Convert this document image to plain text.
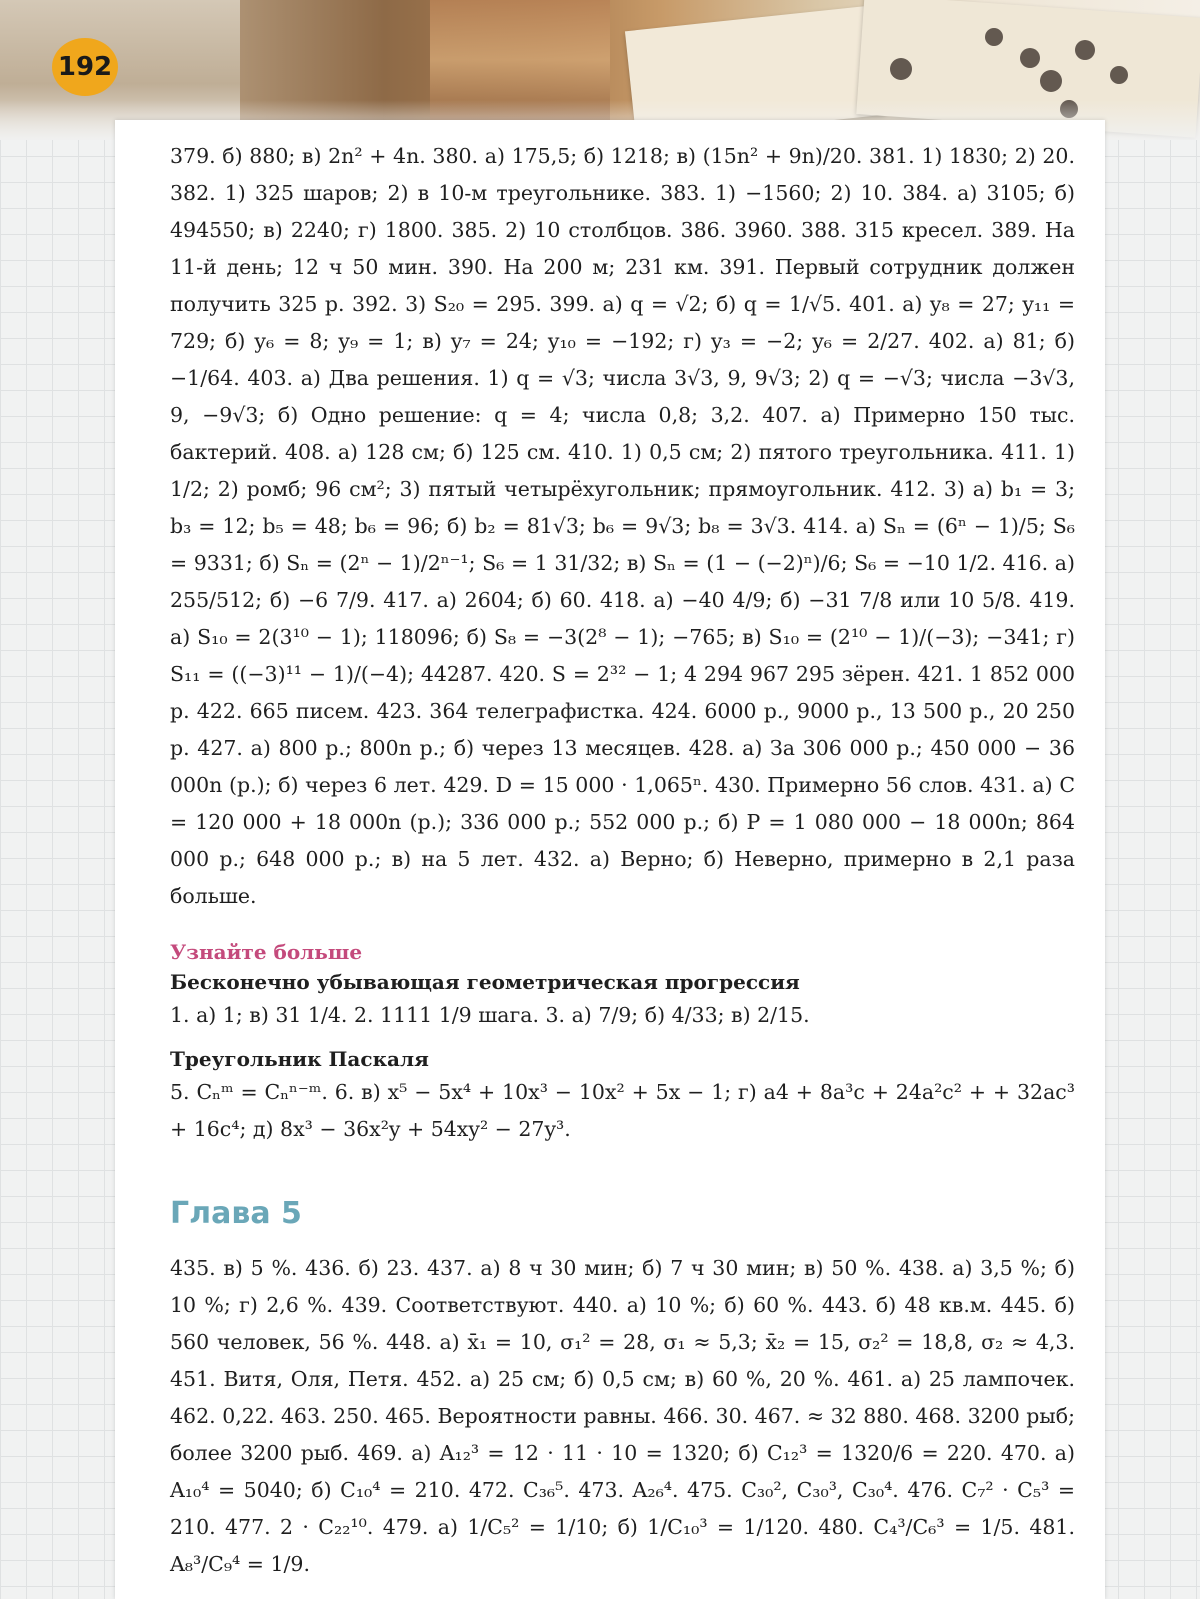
192

379. б) 880; в) 2n² + 4n. 380. а) 175,5; б) 1218; в) (15n² + 9n)/20. 381. 1) 1830; 2) 20. 382. 1) 325 шаров; 2) в 10-м треугольнике. 383. 1) −1560; 2) 10. 384. а) 3105; б) 494550; в) 2240; г) 1800. 385. 2) 10 столбцов. 386. 3960. 388. 315 кресел. 389. На 11-й день; 12 ч 50 мин. 390. На 200 м; 231 км. 391. Первый сотрудник должен получить 325 р. 392. 3) S₂₀ = 295. 399. а) q = √2; б) q = 1/√5. 401. а) y₈ = 27; y₁₁ = 729; б) y₆ = 8; y₉ = 1; в) y₇ = 24; y₁₀ = −192; г) y₃ = −2; y₆ = 2/27. 402. а) 81; б) −1/64. 403. а) Два решения. 1) q = √3; числа 3√3, 9, 9√3; 2) q = −√3; числа −3√3, 9, −9√3; б) Одно решение: q = 4; числа 0,8; 3,2. 407. а) Примерно 150 тыс. бактерий. 408. а) 128 см; б) 125 см. 410. 1) 0,5 см; 2) пятого треугольника. 411. 1) 1/2; 2) ромб; 96 см²; 3) пятый четырёхугольник; прямоугольник. 412. 3) а) b₁ = 3; b₃ = 12; b₅ = 48; b₆ = 96; б) b₂ = 81√3; b₆ = 9√3; b₈ = 3√3. 414. а) Sₙ = (6ⁿ − 1)/5; S₆ = 9331; б) Sₙ = (2ⁿ − 1)/2ⁿ⁻¹; S₆ = 1 31/32; в) Sₙ = (1 − (−2)ⁿ)/6; S₆ = −10 1/2. 416. а) 255/512; б) −6 7/9. 417. а) 2604; б) 60. 418. а) −40 4/9; б) −31 7/8 или 10 5/8. 419. а) S₁₀ = 2(3¹⁰ − 1); 118096; б) S₈ = −3(2⁸ − 1); −765; в) S₁₀ = (2¹⁰ − 1)/(−3); −341; г) S₁₁ = ((−3)¹¹ − 1)/(−4); 44287. 420. S = 2³² − 1; 4 294 967 295 зёрен. 421. 1 852 000 р. 422. 665 писем. 423. 364 телеграфистка. 424. 6000 р., 9000 р., 13 500 р., 20 250 р. 427. а) 800 р.; 800n р.; б) через 13 месяцев. 428. а) За 306 000 р.; 450 000 − 36 000n (р.); б) через 6 лет. 429. D = 15 000 · 1,065ⁿ. 430. Примерно 56 слов. 431. а) C = 120 000 + 18 000n (р.); 336 000 р.; 552 000 р.; б) P = 1 080 000 − 18 000n; 864 000 р.; 648 000 р.; в) на 5 лет. 432. а) Верно; б) Неверно, примерно в 2,1 раза больше.

Узнайте больше
Бесконечно убывающая геометрическая прогрессия

1. а) 1; в) 31 1/4. 2. 1111 1/9 шага. 3. а) 7/9; б) 4/33; в) 2/15.

Треугольник Паскаля

5. Cₙᵐ = Cₙⁿ⁻ᵐ. 6. в) x⁵ − 5x⁴ + 10x³ − 10x² + 5x − 1; г) a4 + 8a³c + 24a²c² + + 32ac³ + 16c⁴; д) 8x³ − 36x²y + 54xy² − 27y³.

Глава 5

435. в) 5 %. 436. б) 23. 437. а) 8 ч 30 мин; б) 7 ч 30 мин; в) 50 %. 438. а) 3,5 %; б) 10 %; г) 2,6 %. 439. Соответствуют. 440. а) 10 %; б) 60 %. 443. б) 48 кв.м. 445. б) 560 человек, 56 %. 448. а) x̄₁ = 10, σ₁² = 28, σ₁ ≈ 5,3; x̄₂ = 15, σ₂² = 18,8, σ₂ ≈ 4,3. 451. Витя, Оля, Петя. 452. а) 25 см; б) 0,5 см; в) 60 %, 20 %. 461. а) 25 лампочек. 462. 0,22. 463. 250. 465. Вероятности равны. 466. 30. 467. ≈ 32 880. 468. 3200 рыб; более 3200 рыб. 469. а) A₁₂³ = 12 · 11 · 10 = 1320; б) C₁₂³ = 1320/6 = 220. 470. а) A₁₀⁴ = 5040; б) C₁₀⁴ = 210. 472. C₃₆⁵. 473. A₂₆⁴. 475. C₃₀², C₃₀³, C₃₀⁴. 476. C₇² · C₅³ = 210. 477. 2 · C₂₂¹⁰. 479. а) 1/C₅² = 1/10; б) 1/C₁₀³ = 1/120. 480. C₄³/C₆³ = 1/5. 481. A₈³/C₉⁴ = 1/9.
